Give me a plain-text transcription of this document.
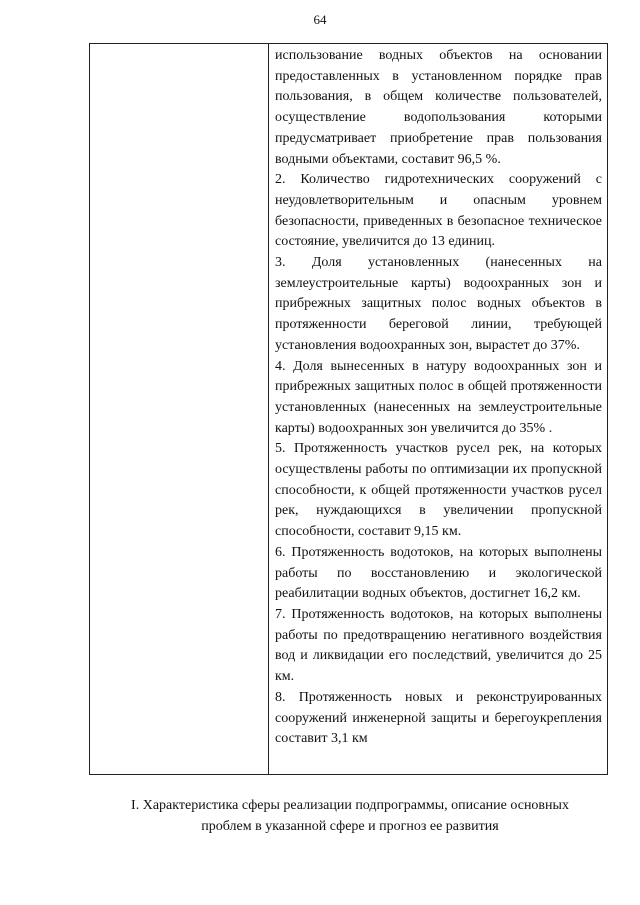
64

использование водных объектов на основании предоставленных в установленном порядке прав пользования, в общем количестве пользователей, осуществление водопользования которыми предусматривает приобретение прав пользования водными объектами, составит 96,5 %.

2. Количество гидротехнических сооружений с неудовлетворительным и опасным уровнем безопасности, приведенных в безопасное техническое состояние, увеличится до 13 единиц.

3. Доля установленных (нанесенных на землеустроительные карты) водоохранных зон и прибрежных защитных полос водных объектов в протяженности береговой линии, требующей установления водоохранных зон, вырастет до 37%.

4. Доля вынесенных в натуру водоохранных зон и прибрежных защитных полос в общей протяженности установленных (нанесенных на землеустроительные карты) водоохранных зон увеличится до 35% .

5. Протяженность участков русел рек, на которых осуществлены работы по оптимизации их пропускной способности, к общей протяженности участков русел рек, нуждающихся в увеличении пропускной способности, составит 9,15 км.

6. Протяженность водотоков, на которых выполнены работы по восстановлению и экологической реабилитации водных объектов, достигнет 16,2 км.

7. Протяженность водотоков, на которых выполнены работы по предотвращению негативного воздействия вод и ликвидации его последствий, увеличится до 25 км.

8. Протяженность новых и реконструированных сооружений инженерной защиты и берегоукрепления составит 3,1 км

I. Характеристика сферы реализации подпрограммы, описание основных
проблем в указанной сфере и прогноз ее развития
